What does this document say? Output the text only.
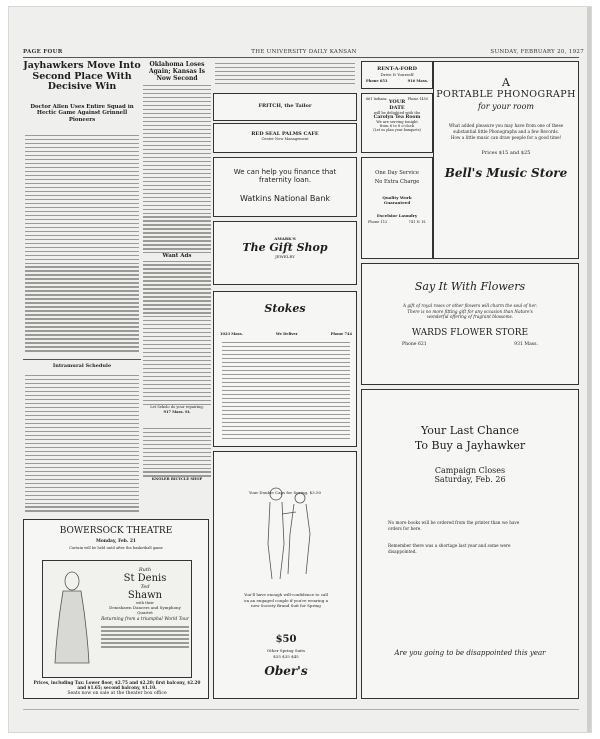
PAGE FOUR	THE UNIVERSITY DAILY KANSAN	SUNDAY, FEBRUARY 20, 1927
Jayhawkers Move Into Second Place With Decisive Win
Doctor Allen Uses Entire Squad in Hectic Game Against Grinnell Pioneers
Intramural Schedule
Oklahoma Loses Again; Kansas Is Now Second
Want Ads
Let Sekolo do your repairing,
917 Mass. St.
KNOLER BICYCLE SHOP
FRITCH, the Tailor
RED SEAL PALMS CAFE
Center New Management
We can help you finance that
fraternity loan.
Watkins National Bank
AMARK'S
The Gift Shop
JEWELRY
Stokes
1023 Mass.	Phone 744
We Deliver
Your Double Caps for Spring, $3.50
You'll have enough will-confidence to call on an engaged couple if you're wearing a new Society Brand Suit for Spring
$50
Other Spring Suits
$35 $35 $45
Ober's
RENT-A-FORD
Drive It Yourself
Phone 653	916 Mass.
661 Indiana	Phone 1450
YOUR DATE
will be delighted with the
Carolyn Tea Room
We are serving tonight
from 6 to 8 o'clock
(Let us plan your banquets)
One Day Service
No Extra Charge
Quality Work
Guaranteed
Excelsior Laundry
Phone 112	741 N. H.
A
PORTABLE PHONOGRAPH
for your room
What added pleasure you may have from one of these substantial little Phonographs and a few Records. How a little music can draw people for a good time!
Prices $15 and $25
Bell's Music Store
Say It With Flowers
A gift of royal roses or other flowers will charm the soul of her. There is no more fitting gift for any occasion than Nature's wonderful offering of fragrant blossoms.
WARDS FLOWER STORE
Phone 621	931 Mass.
Your Last Chance
To Buy a Jayhawker
Campaign Closes
Saturday, Feb. 26
No more books will be ordered from the printer than we have orders for here.
Remember there was a shortage last year and some were disappointed.
Are you going to be disappointed this year
BOWERSOCK THEATRE
Monday, Feb. 21
Curtain will be held until after the basketball game
Ruth
St Denis
Ted
Shawn
with their
Denishawn Dancers and Symphony Quartet
Returning from a triumphal World Tour
Prices, including Tax: Lower floor, $2.75 and $2.20; first balcony, $2.20 and $1.65; second balcony, $1.10.
Seats now on sale at the theater box office
